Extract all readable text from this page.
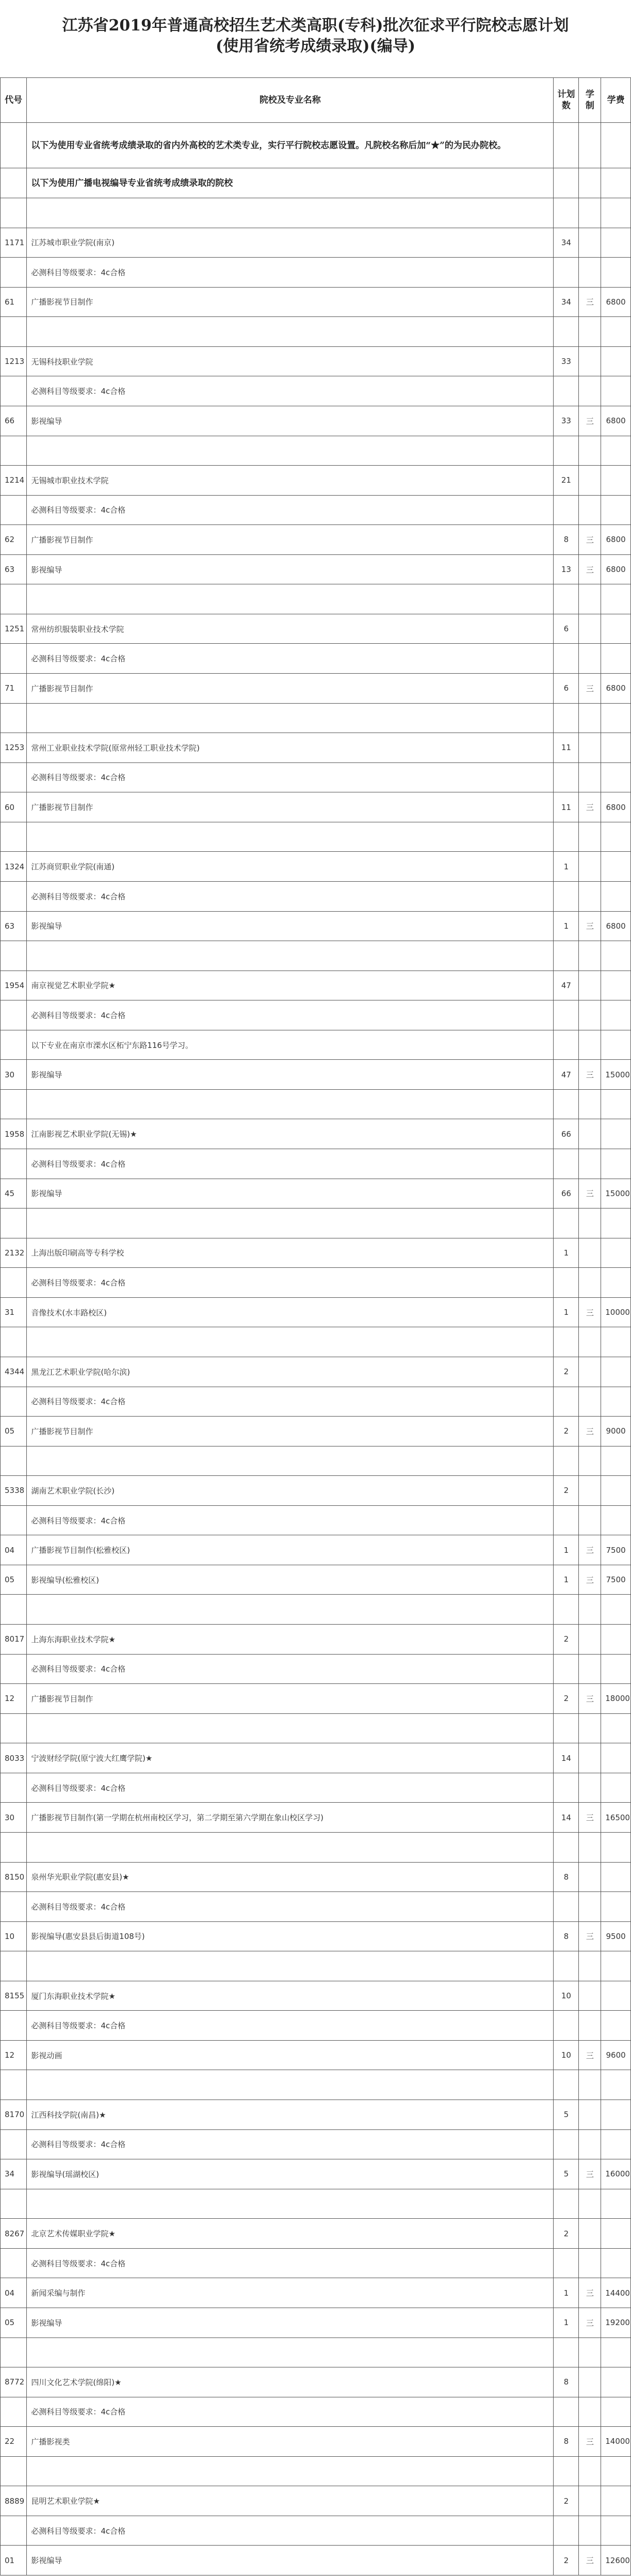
江苏省2019年普通高校招生艺术类高职(专科)批次征求平行院校志愿计划
(使用省统考成绩录取)(编导)
代号	院校及专业名称	计划数	学制	学费
	以下为使用专业省统考成绩录取的省内外高校的艺术类专业，实行平行院校志愿设置。凡院校名称后加“★”的为民办院校。			
	以下为使用广播电视编导专业省统考成绩录取的院校			

1171	江苏城市职业学院(南京)	34		
	必测科目等级要求：4c合格			
61	广播影视节目制作	34	三	6800

1213	无锡科技职业学院	33		
	必测科目等级要求：4c合格			
66	影视编导	33	三	6800

1214	无锡城市职业技术学院	21		
	必测科目等级要求：4c合格			
62	广播影视节目制作	8	三	6800
63	影视编导	13	三	6800

1251	常州纺织服装职业技术学院	6		
	必测科目等级要求：4c合格			
71	广播影视节目制作	6	三	6800

1253	常州工业职业技术学院(原常州轻工职业技术学院)	11		
	必测科目等级要求：4c合格			
60	广播影视节目制作	11	三	6800

1324	江苏商贸职业学院(南通)	1		
	必测科目等级要求：4c合格			
63	影视编导	1	三	6800

1954	南京视觉艺术职业学院★	47		
	必测科目等级要求：4c合格			
	以下专业在南京市溧水区柘宁东路116号学习。			
30	影视编导	47	三	15000

1958	江南影视艺术职业学院(无锡)★	66		
	必测科目等级要求：4c合格			
45	影视编导	66	三	15000

2132	上海出版印刷高等专科学校	1		
	必测科目等级要求：4c合格			
31	音像技术(水丰路校区)	1	三	10000

4344	黑龙江艺术职业学院(哈尔滨)	2		
	必测科目等级要求：4c合格			
05	广播影视节目制作	2	三	9000

5338	湖南艺术职业学院(长沙)	2		
	必测科目等级要求：4c合格			
04	广播影视节目制作(松雅校区)	1	三	7500
05	影视编导(松雅校区)	1	三	7500

8017	上海东海职业技术学院★	2		
	必测科目等级要求：4c合格			
12	广播影视节目制作	2	三	18000

8033	宁波财经学院(原宁波大红鹰学院)★	14		
	必测科目等级要求：4c合格			
30	广播影视节目制作(第一学期在杭州南校区学习，第二学期至第六学期在象山校区学习)	14	三	16500

8150	泉州华光职业学院(惠安县)★	8		
	必测科目等级要求：4c合格			
10	影视编导(惠安县县后街道108号)	8	三	9500

8155	厦门东海职业技术学院★	10		
	必测科目等级要求：4c合格			
12	影视动画	10	三	9600

8170	江西科技学院(南昌)★	5		
	必测科目等级要求：4c合格			
34	影视编导(瑶湖校区)	5	三	16000

8267	北京艺术传媒职业学院★	2		
	必测科目等级要求：4c合格			
04	新闻采编与制作	1	三	14400
05	影视编导	1	三	19200

8772	四川文化艺术学院(绵阳)★	8		
	必测科目等级要求：4c合格			
22	广播影视类	8	三	14000

8889	昆明艺术职业学院★	2		
	必测科目等级要求：4c合格			
01	影视编导	2	三	12600
